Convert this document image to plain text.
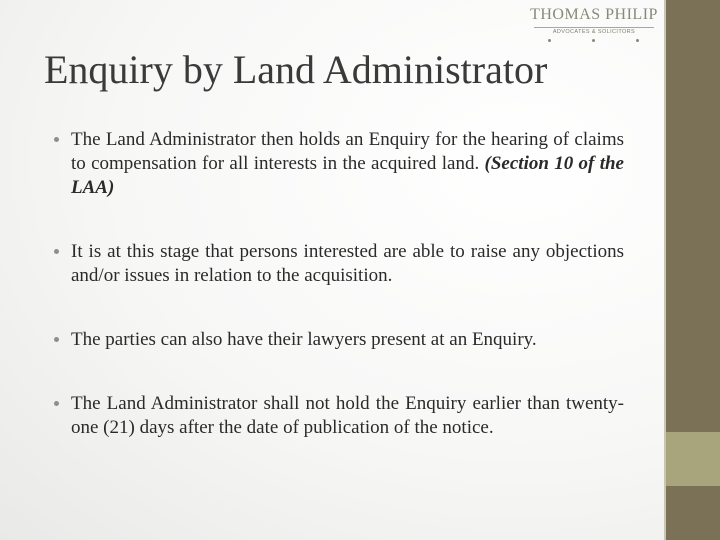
THOMAS PHILIP
ADVOCATES & SOLICITORS
Enquiry by Land Administrator
The Land Administrator then holds an Enquiry for the hearing of claims to compensation for all interests in the acquired land. (Section 10 of the LAA)
It is at this stage that persons interested are able to raise any objections and/or issues in relation to the acquisition.
The parties can also have their lawyers present at an Enquiry.
The Land Administrator shall not hold the Enquiry earlier than twenty-one (21) days after the date of publication of the notice.
